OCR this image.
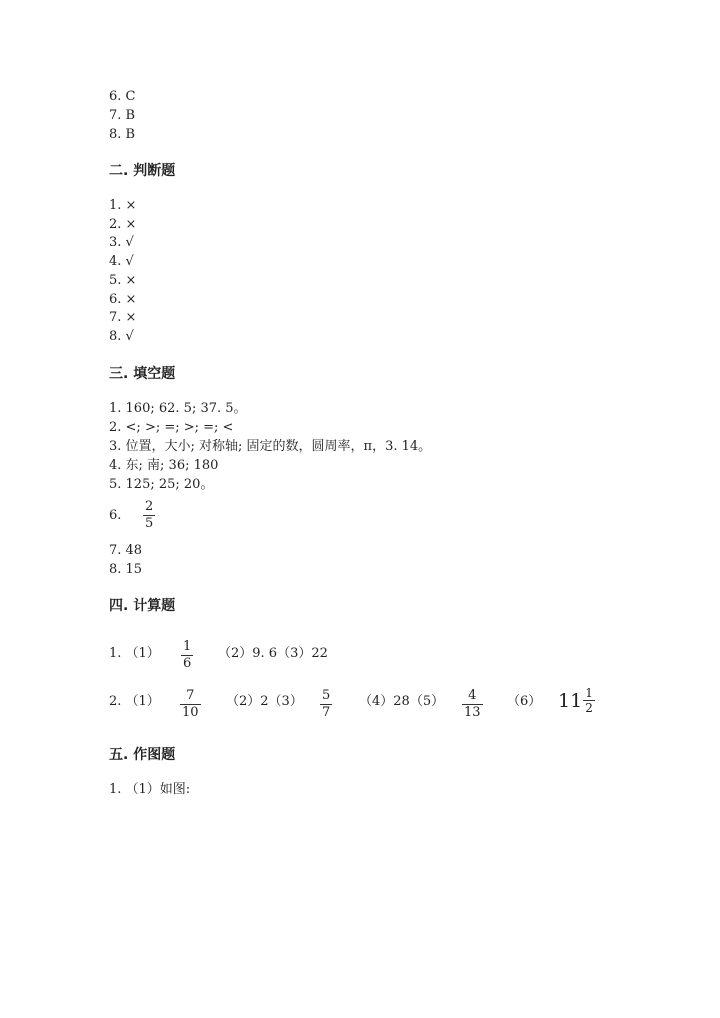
6. C
7. B
8. B
二. 判断题
1. ×
2. ×
3. √
4. √
5. ×
6. ×
7. ×
8. √
三. 填空题
1. 160; 62. 5; 37. 5。
2. <; >; =; >; =; <
3. 位置，大小; 对称轴; 固定的数，圆周率，π，3. 14。
4. 东; 南; 36; 180
5. 125; 25; 20。
6.
2
5
7. 48
8. 15
四. 计算题
1. （1） 1
6
（2）9. 6（3）22
2. （1） 7
10
（2）2（3） 5
7
（4）28（5） 4
13
（6） $11 \frac{1}{2}$
五. 作图题
1. （1）如图:
